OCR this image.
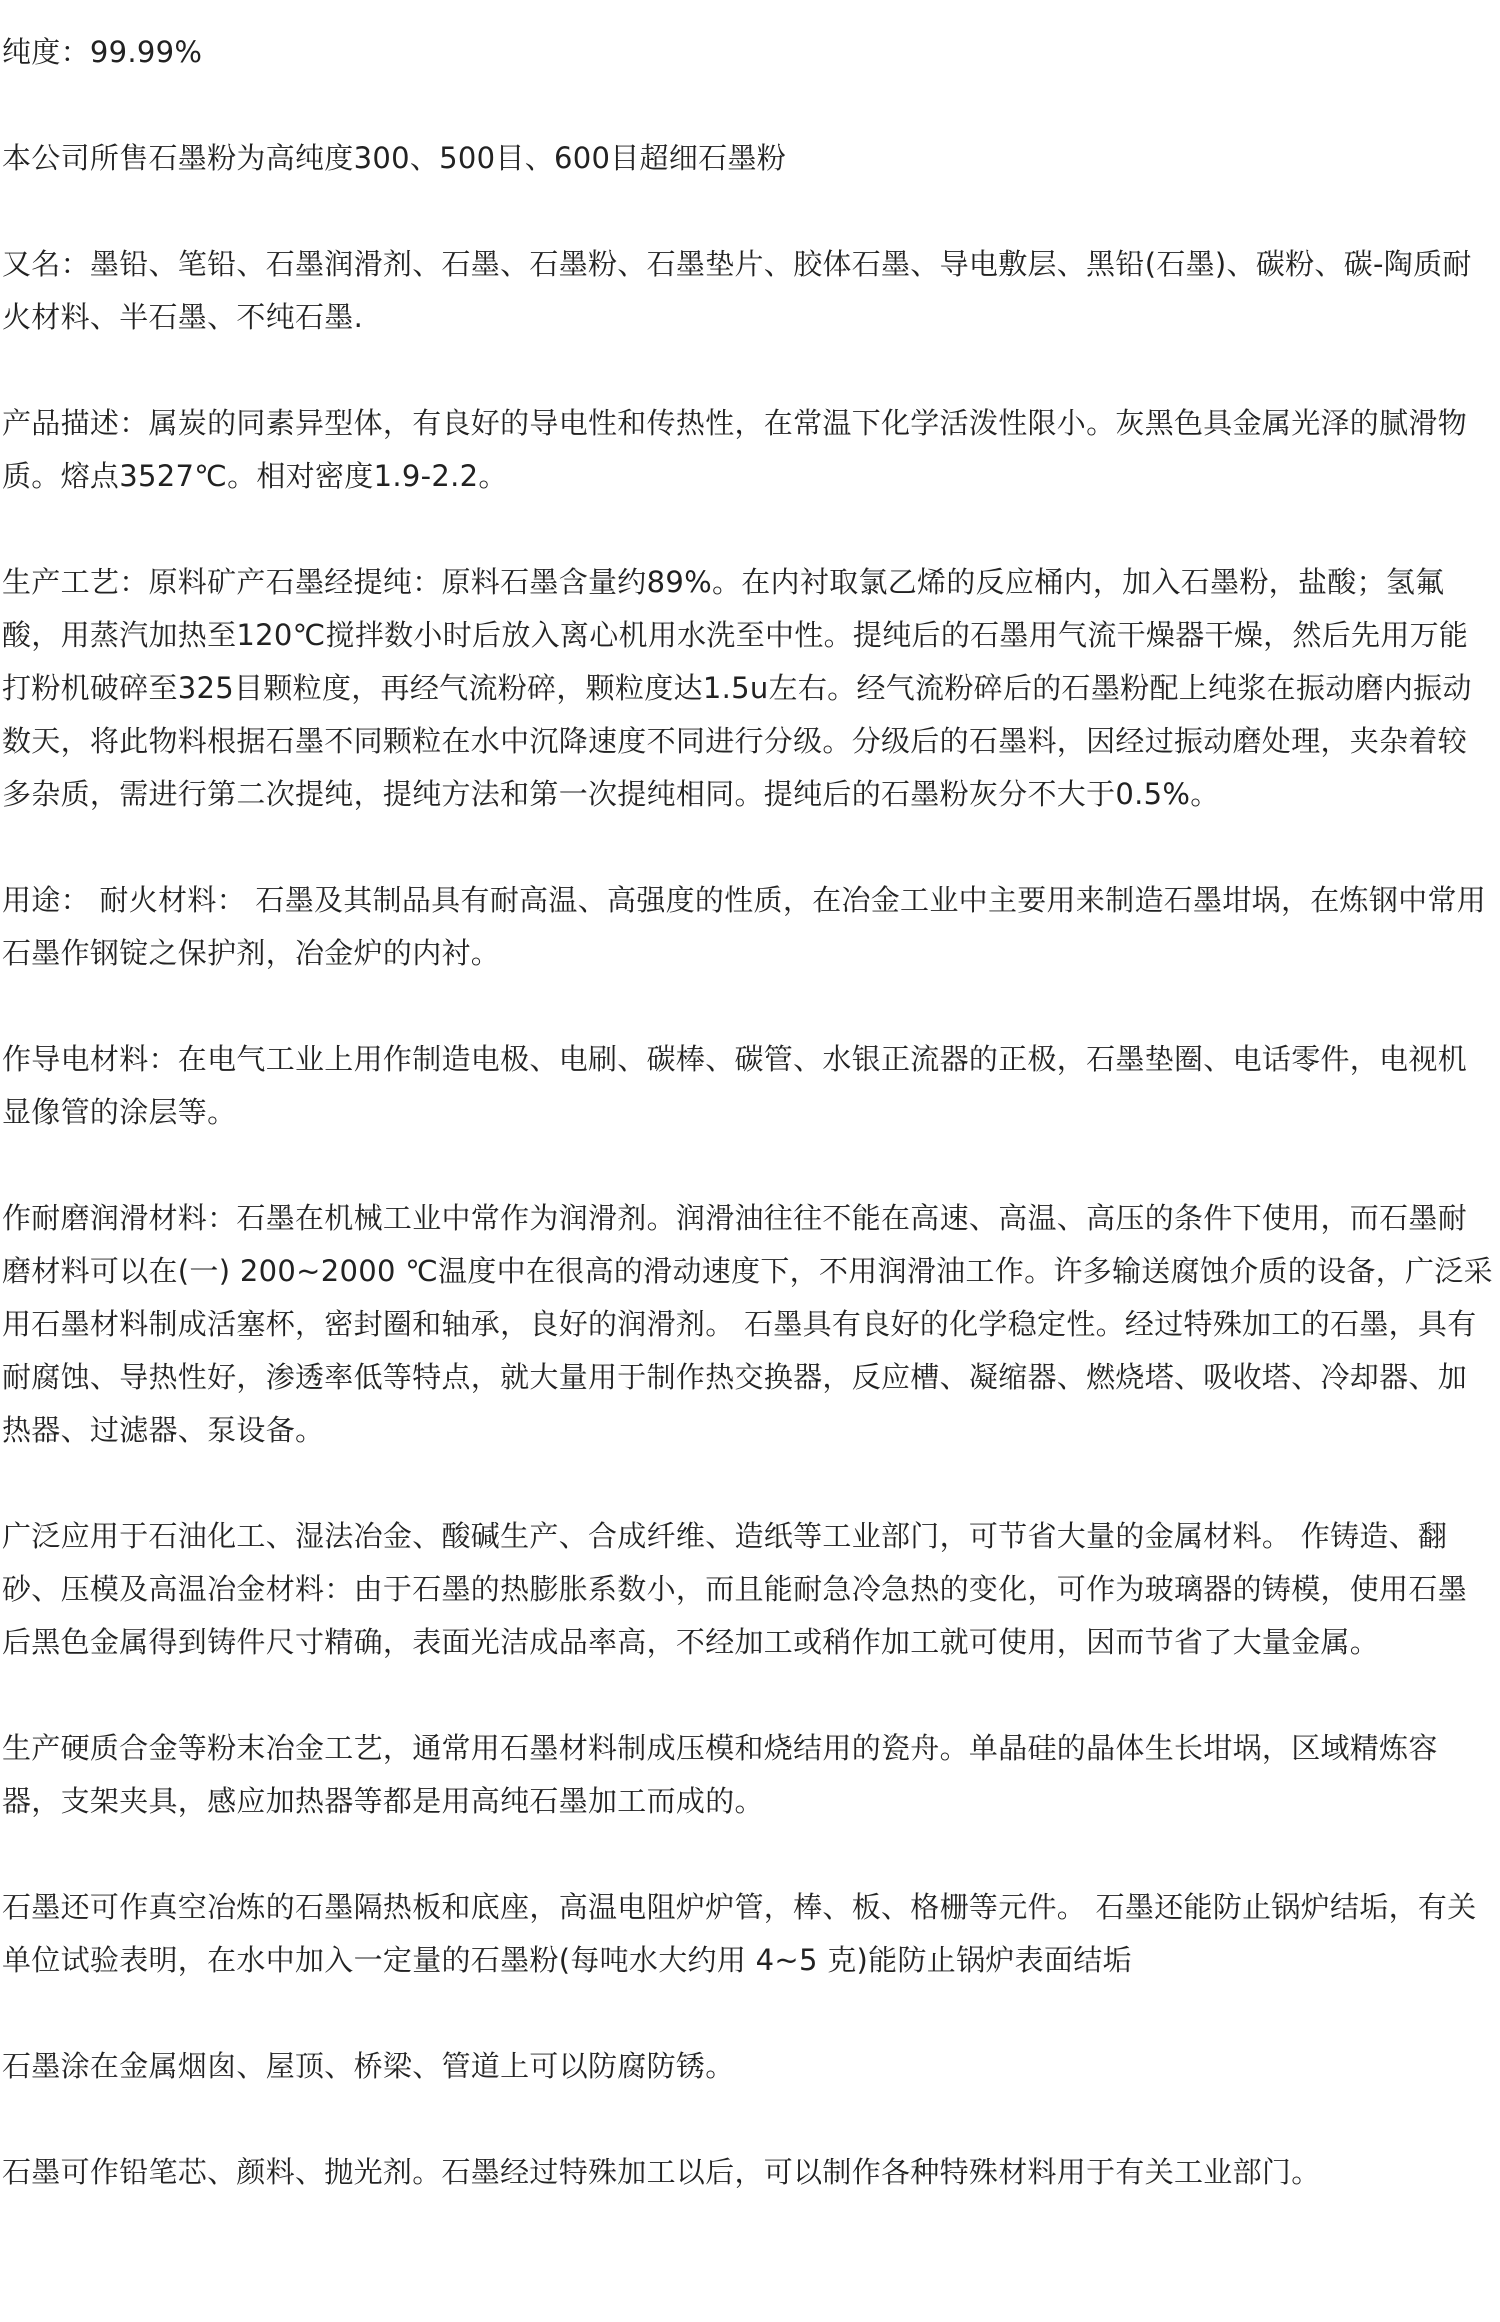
纯度：99.99%

本公司所售石墨粉为高纯度300、500目、600目超细石墨粉

又名：墨铅、笔铅、石墨润滑剂、石墨、石墨粉、石墨垫片、胶体石墨、导电敷层、黑铅(石墨)、碳粉、碳-陶质耐火材料、半石墨、不纯石墨.

产品描述：属炭的同素异型体，有良好的导电性和传热性，在常温下化学活泼性限小。灰黑色具金属光泽的腻滑物质。熔点3527℃。相对密度1.9-2.2。

生产工艺：原料矿产石墨经提纯：原料石墨含量约89%。在内衬取氯乙烯的反应桶内，加入石墨粉，盐酸；氢氟酸，用蒸汽加热至120℃搅拌数小时后放入离心机用水洗至中性。提纯后的石墨用气流干燥器干燥，然后先用万能打粉机破碎至325目颗粒度，再经气流粉碎，颗粒度达1.5u左右。经气流粉碎后的石墨粉配上纯浆在振动磨内振动数天，将此物料根据石墨不同颗粒在水中沉降速度不同进行分级。分级后的石墨料，因经过振动磨处理，夹杂着较多杂质，需进行第二次提纯，提纯方法和第一次提纯相同。提纯后的石墨粉灰分不大于0.5%。

用途： 耐火材料： 石墨及其制品具有耐高温、高强度的性质，在冶金工业中主要用来制造石墨坩埚，在炼钢中常用石墨作钢锭之保护剂，冶金炉的内衬。

作导电材料：在电气工业上用作制造电极、电刷、碳棒、碳管、水银正流器的正极，石墨垫圈、电话零件，电视机显像管的涂层等。

作耐磨润滑材料：石墨在机械工业中常作为润滑剂。润滑油往往不能在高速、高温、高压的条件下使用，而石墨耐磨材料可以在(一) 200~2000 ℃温度中在很高的滑动速度下，不用润滑油工作。许多输送腐蚀介质的设备，广泛采用石墨材料制成活塞杯，密封圈和轴承，良好的润滑剂。 石墨具有良好的化学稳定性。经过特殊加工的石墨，具有耐腐蚀、导热性好，渗透率低等特点，就大量用于制作热交换器，反应槽、凝缩器、燃烧塔、吸收塔、冷却器、加热器、过滤器、泵设备。

广泛应用于石油化工、湿法冶金、酸碱生产、合成纤维、造纸等工业部门，可节省大量的金属材料。 作铸造、翻砂、压模及高温冶金材料：由于石墨的热膨胀系数小，而且能耐急冷急热的变化，可作为玻璃器的铸模，使用石墨后黑色金属得到铸件尺寸精确，表面光洁成品率高，不经加工或稍作加工就可使用，因而节省了大量金属。

生产硬质合金等粉末冶金工艺，通常用石墨材料制成压模和烧结用的瓷舟。单晶硅的晶体生长坩埚，区域精炼容器，支架夹具，感应加热器等都是用高纯石墨加工而成的。

石墨还可作真空冶炼的石墨隔热板和底座，高温电阻炉炉管，棒、板、格栅等元件。 石墨还能防止锅炉结垢，有关单位试验表明，在水中加入一定量的石墨粉(每吨水大约用 4~5 克)能防止锅炉表面结垢

石墨涂在金属烟囱、屋顶、桥梁、管道上可以防腐防锈。

石墨可作铅笔芯、颜料、抛光剂。石墨经过特殊加工以后，可以制作各种特殊材料用于有关工业部门。
